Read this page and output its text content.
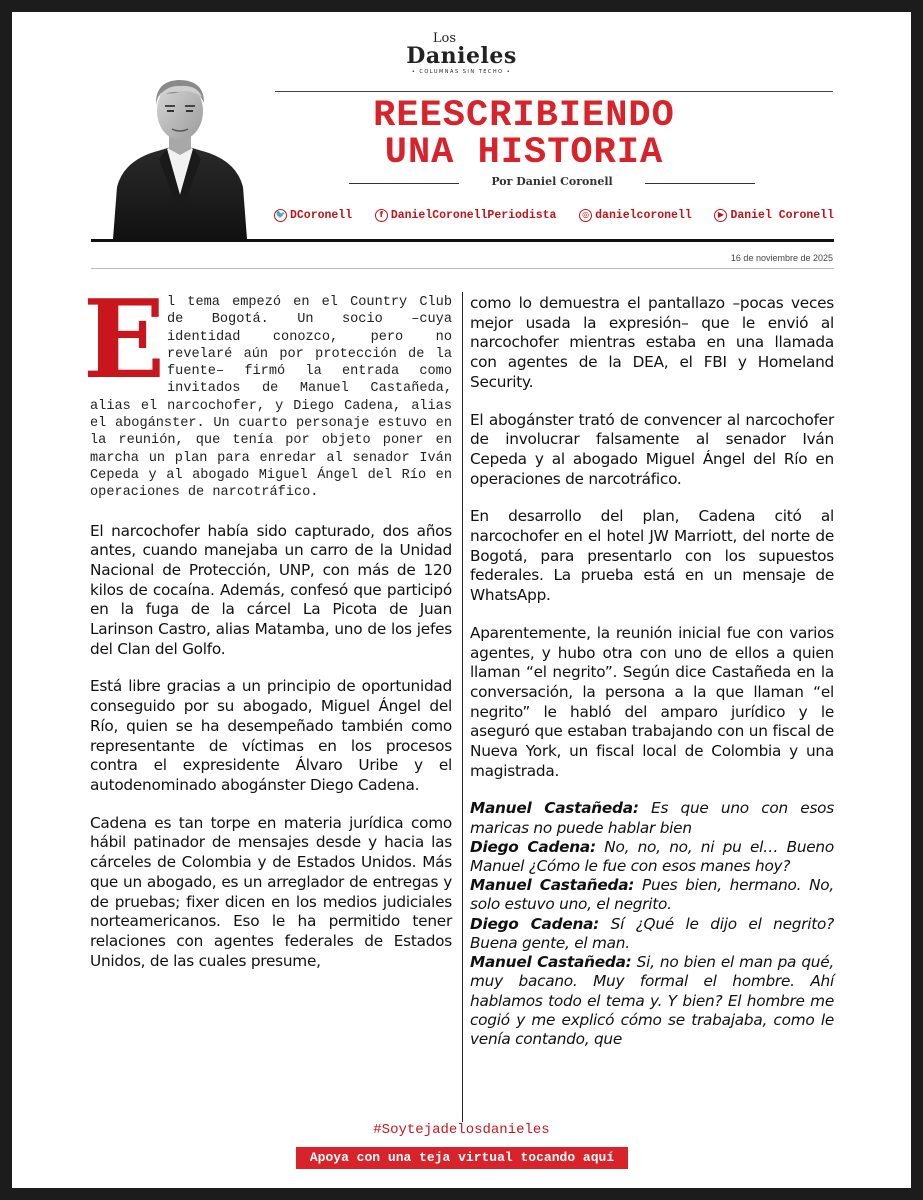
Los
Danieles
• COLUMNAS SIN TECHO •
REESCRIBIENDO
UNA HISTORIA
Por Daniel Coronell
🐦 DCoronell	f DanielCoronellPeriodista	◎ danielcoronell	▶ Daniel Coronell
16 de noviembre de 2025

El tema empezó en el Country Club de Bogotá. Un socio –cuya identidad conozco, pero no revelaré aún por protección de la fuente– firmó la entrada como invitados de Manuel Castañeda, alias el narcochofer, y Diego Cadena, alias el abogánster. Un cuarto personaje estuvo en la reunión, que tenía por objeto poner en marcha un plan para enredar al senador Iván Cepeda y al abogado Miguel Ángel del Río en operaciones de narcotráfico.

El narcochofer había sido capturado, dos años antes, cuando manejaba un carro de la Unidad Nacional de Protección, UNP, con más de 120 kilos de cocaína. Además, confesó que participó en la fuga de la cárcel La Picota de Juan Larinson Castro, alias Matamba, uno de los jefes del Clan del Golfo.

Está libre gracias a un principio de oportunidad conseguido por su abogado, Miguel Ángel del Río, quien se ha desempeñado también como representante de víctimas en los procesos contra el expresidente Álvaro Uribe y el autodenominado abogánster Diego Cadena.

Cadena es tan torpe en materia jurídica como hábil patinador de mensajes desde y hacia las cárceles de Colombia y de Estados Unidos. Más que un abogado, es un arreglador de entregas y de pruebas; fixer dicen en los medios judiciales norteamericanos. Eso le ha permitido tener relaciones con agentes federales de Estados Unidos, de las cuales presume,

como lo demuestra el pantallazo –pocas veces mejor usada la expresión– que le envió al narcochofer mientras estaba en una llamada con agentes de la DEA, el FBI y Homeland Security.

El abogánster trató de convencer al narcochofer de involucrar falsamente al senador Iván Cepeda y al abogado Miguel Ángel del Río en operaciones de narcotráfico.

En desarrollo del plan, Cadena citó al narcochofer en el hotel JW Marriott, del norte de Bogotá, para presentarlo con los supuestos federales. La prueba está en un mensaje de WhatsApp.

Aparentemente, la reunión inicial fue con varios agentes, y hubo otra con uno de ellos a quien llaman “el negrito”. Según dice Castañeda en la conversación, la persona a la que llaman “el negrito” le habló del amparo jurídico y le aseguró que estaban trabajando con un fiscal de Nueva York, un fiscal local de Colombia y una magistrada.

Manuel Castañeda: Es que uno con esos maricas no puede hablar bien

Diego Cadena: No, no, no, ni pu el… Bueno Manuel ¿Cómo le fue con esos manes hoy?

Manuel Castañeda: Pues bien, hermano. No, solo estuvo uno, el negrito.

Diego Cadena: Sí ¿Qué le dijo el negrito? Buena gente, el man.

Manuel Castañeda: Si, no bien el man pa qué, muy bacano. Muy formal el hombre. Ahí hablamos todo el tema y. Y bien? El hombre me cogió y me explicó cómo se trabajaba, como le venía contando, que

#Soytejadelosdanieles
Apoya con una teja virtual tocando aquí
